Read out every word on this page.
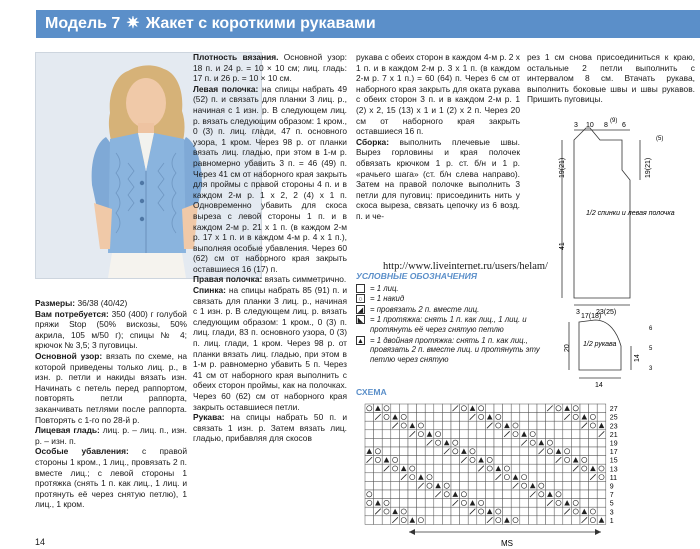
Модель 7 ✷ Жакет с короткими рукавами

Размеры: 36/38 (40/42)

Вам потребуется: 350 (400) г голубой пряжи Stop (50% вискозы, 50% акрила, 105 м/50 г); спицы № 4; крючок № 3,5; 3 пуговицы.

Основной узор: вязать по схеме, на которой приведены только лиц. р., в изн. р. петли и накиды вязать изн. Начинать с петель перед раппортом, повторять петли раппорта, заканчивать петлями после раппорта. Повторять с 1-го по 28-й р.

Лицевая гладь: лиц. р. – лиц. п., изн. р. – изн. п.

Особые убавления: с правой стороны 1 кром., 1 лиц., провязать 2 п. вместе лиц.; с левой стороны 1 протяжка (снять 1 п. как лиц., 1 лиц. и протянуть её через снятую петлю), 1 лиц., 1 кром.

Плотность вязания. Основной узор: 18 п. и 24 р. = 10 × 10 см; лиц. гладь: 17 п. и 26 р. = 10 × 10 см.

Левая полочка: на спицы набрать 49 (52) п. и связать для планки 3 лиц. р., начиная с 1 изн. р. В следующем лиц. р. вязать следующим образом: 1 кром., 0 (3) п. лиц. глади, 47 п. основного узора, 1 кром. Через 98 р. от планки вязать лиц. гладью, при этом в 1-м р. равномерно убавить 3 п. = 46 (49) п. Через 41 см от наборного края закрыть для проймы с правой стороны 4 п. и в каждом 2-м р. 1 х 2, 2 (4) х 1 п. Одновременно убавить для скоса выреза с левой стороны 1 п. и в каждом 2-м р. 21 х 1 п. (в каждом 2-м р. 17 х 1 п. и в каждом 4-м р. 4 х 1 п.), выполняя особые убавления. Через 60 (62) см от наборного края закрыть оставшиеся 16 (17) п.

Правая полочка: вязать симметрично.

Спинка: на спицы набрать 85 (91) п. и связать для планки 3 лиц. р., начиная с 1 изн. р. В следующем лиц. р. вязать следующим образом: 1 кром., 0 (3) п. лиц. глади, 83 п. основного узора, 0 (3) п. лиц. глади, 1 кром. Через 98 р. от планки вязать лиц. гладью, при этом в 1-м р. равномерно убавить 5 п. Через 41 см от наборного края выполнить с обеих сторон проймы, как на полочках. Через 60 (62) см от наборного края закрыть оставшиеся петли.

Рукава: на спицы набрать 50 п. и связать 1 изн. р. Затем вязать лиц. гладью, прибавляя для скосов

рукава с обеих сторон в каждом 4-м р. 2 х 1 п. и в каждом 2-м р. 3 х 1 п. (в каждом 2-м р. 7 х 1 п.) = 60 (64) п. Через 6 см от наборного края закрыть для оката рукава с обеих сторон 3 п. и в каждом 2-м р. 1 (2) х 2, 15 (13) х 1 и 1 (2) х 2 п. Через 20 см от наборного края закрыть оставшиеся 16 п.

Сборка: выполнить плечевые швы. Вырез горловины и края полочек обвязать крючком 1 р. ст. б/н и 1 р. «рачьего шага» (ст. б/н слева направо). Затем на правой полочке выполнить 3 петли для пуговиц: присоединить нить у скоса выреза, связать цепочку из 6 возд. п. и че-

рез 1 см снова присоединиться к краю, остальные 2 петли выполнить с интервалом 8 см. Втачать рукава, выполнить боковые швы и швы рукавов. Пришить пуговицы.

http://www.liveinternet.ru/users/helam/
УСЛОВНЫЕ ОБОЗНАЧЕНИЯ
= 1 лиц.
○ = 1 накид
◢ = провязать 2 п. вместе лиц.
◣ = 1 протяжка: снять 1 п. как лиц., 1 лиц. и протянуть её через снятую петлю
▲ = 1 двойная протяжка: снять 1 п. как лиц., провязать 2 п. вместе лиц. и протянуть эту петлю через снятую
3 10 8
(9)
6
19(21)
41
19(21)
1/2 спинки и левая полочка
3 23(25)
(5)
17(18)
20
14
1/2 рукава
14
6
5
3
СХЕМА
27
25
23
21
19
17
15
13
11
9
7
5
3
1
MS
14
